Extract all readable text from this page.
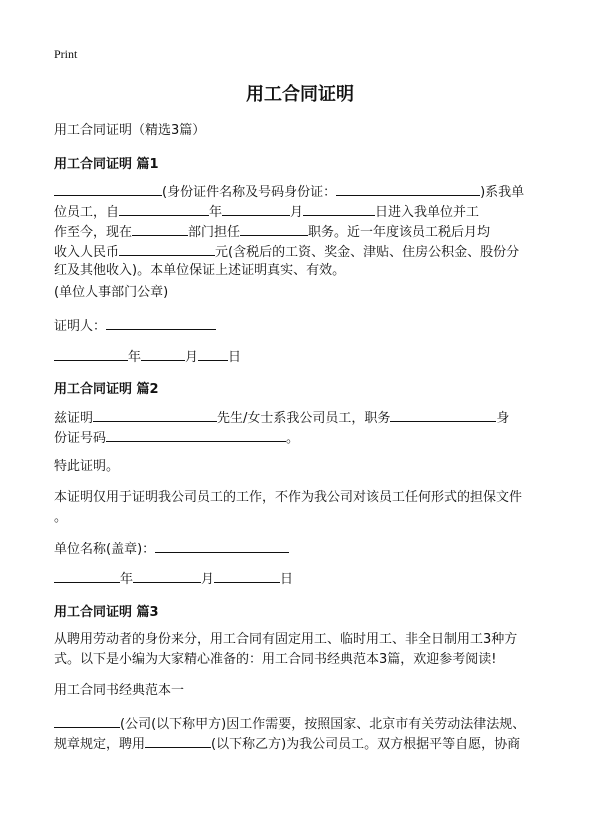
Print
用工合同证明
用工合同证明（精选3篇）
用工合同证明 篇1
(身份证件名称及号码身份证：	)系我单
位员工，自	年	月	日进入我单位并工
作至今，现在	部门担任	职务。近一年度该员工税后月均
收入人民币	元(含税后的工资、奖金、津贴、住房公积金、股份分
红及其他收入)。本单位保证上述证明真实、有效。
(单位人事部门公章)
证明人：
年	月 日
用工合同证明 篇2
兹证明	先生/女士系我公司员工，职务	身
份证号码	。
特此证明。
本证明仅用于证明我公司员工的工作，不作为我公司对该员工任何形式的担保文件
。
单位名称(盖章)：
年	月	日
用工合同证明 篇3
从聘用劳动者的身份来分，用工合同有固定用工、临时用工、非全日制用工3种方
式。以下是小编为大家精心准备的：用工合同书经典范本3篇，欢迎参考阅读!
用工合同书经典范本一
(公司(以下称甲方)因工作需要，按照国家、北京市有关劳动法律法规、
规章规定，聘用	(以下称乙方)为我公司员工。双方根据平等自愿，协商
